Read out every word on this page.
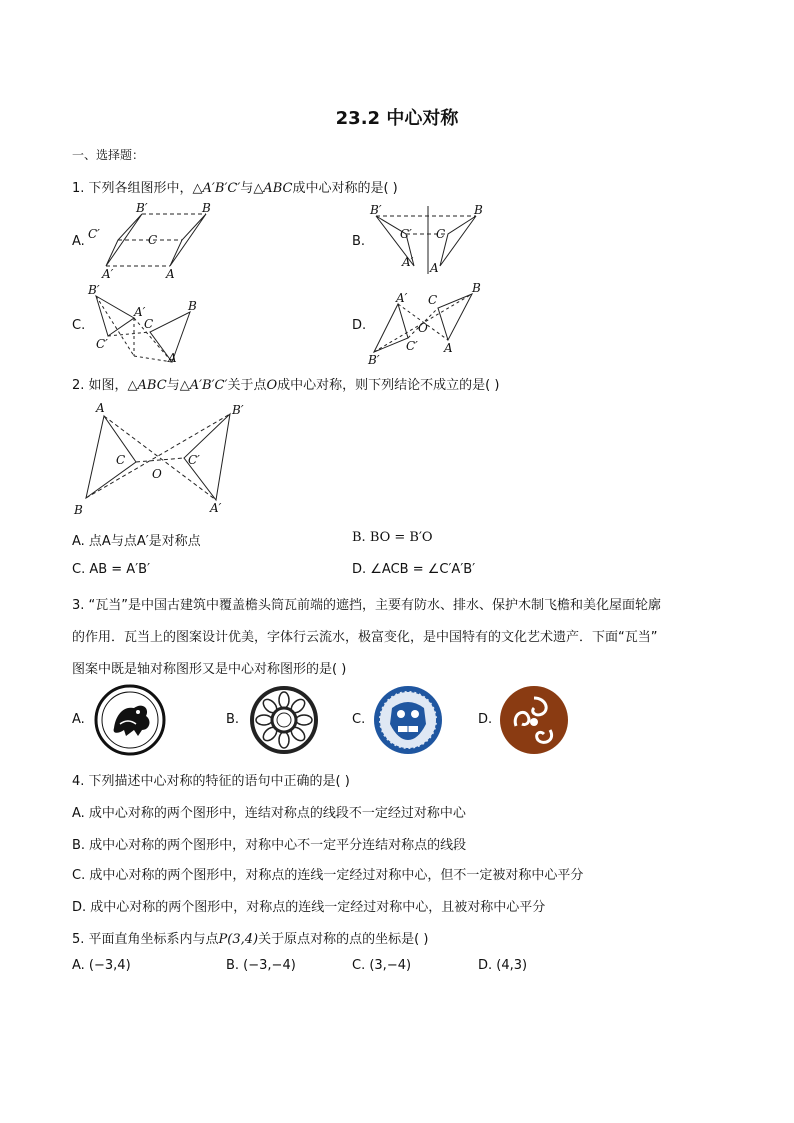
23.2 中心对称
一、选择题：
1. 下列各组图形中，△A′B′C′与△ABC成中心对称的是( )
A.
B′	B
C′	C
A′	A
B.
B′	B
C′ C
A′ A
C.
B′
A′	B
C
C′
A
D.
A′ C
B
O
C′ A
B′
2. 如图，△ABC与△A′B′C′关于点O成中心对称，则下列结论不成立的是( )
A	B′
C	C′
O
B	A′
A. 点A与点A′是对称点	B. BO = B′O
C. AB = A′B′	D. ∠ACB = ∠C′A′B′
3. “瓦当”是中国古建筑中覆盖檐头筒瓦前端的遮挡，主要有防水、排水、保护木制飞檐和美化屋面轮廓
的作用．瓦当上的图案设计优美，字体行云流水，极富变化，是中国特有的文化艺术遗产．下面“瓦当”
图案中既是轴对称图形又是中心对称图形的是( )
A.	B.	C.	D.
4. 下列描述中心对称的特征的语句中正确的是( )
A. 成中心对称的两个图形中，连结对称点的线段不一定经过对称中心
B. 成中心对称的两个图形中，对称中心不一定平分连结对称点的线段
C. 成中心对称的两个图形中，对称点的连线一定经过对称中心，但不一定被对称中心平分
D. 成中心对称的两个图形中，对称点的连线一定经过对称中心，且被对称中心平分
5. 平面直角坐标系内与点P(3,4)关于原点对称的点的坐标是( )
A. (−3,4)	B. (−3,−4)	C. (3,−4)	D. (4,3)
